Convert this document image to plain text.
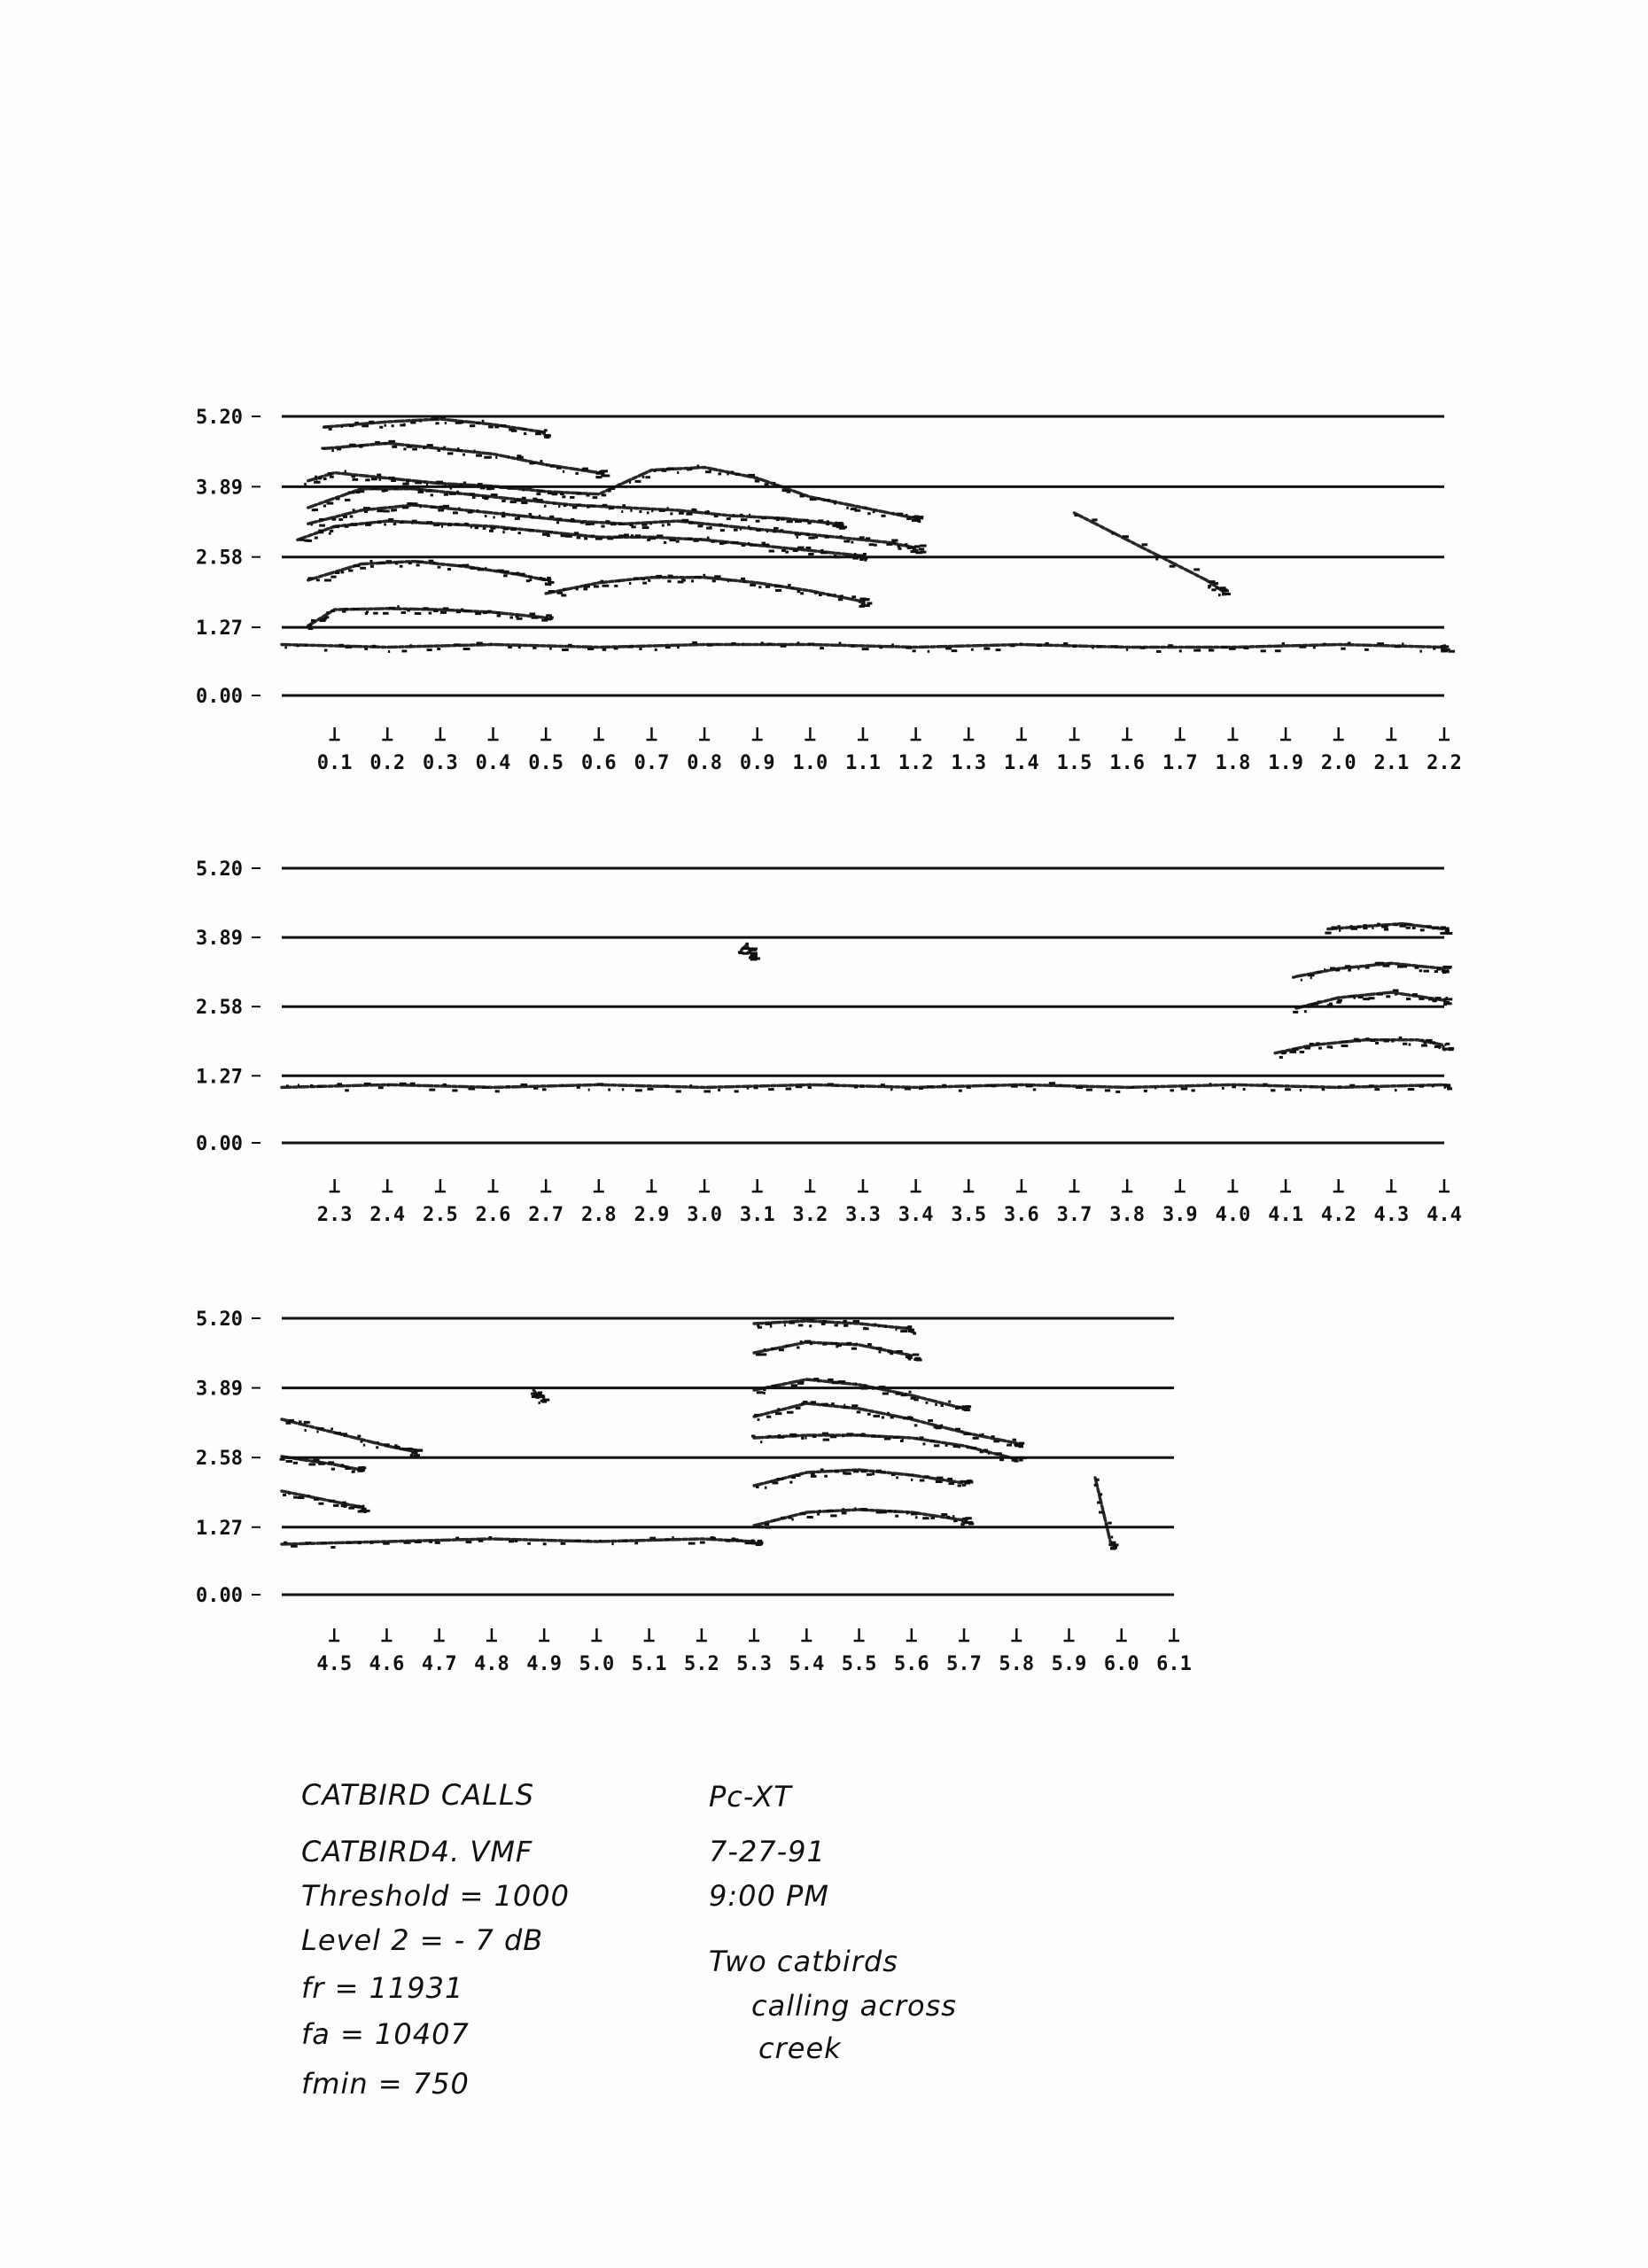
5.20
3.89
2.58
1.27
0.00
0.1 0.2 0.3 0.4 0.5 0.6 0.7 0.8 0.9 1.0 1.1 1.2 1.3 1.4 1.5 1.6 1.7 1.8 1.9 2.0 2.1 2.2
5.20
3.89
2.58
1.27
0.00
2.3 2.4 2.5 2.6 2.7 2.8 2.9 3.0 3.1 3.2 3.3 3.4 3.5 3.6 3.7 3.8 3.9 4.0 4.1 4.2 4.3 4.4
5.20
3.89
2.58
1.27
0.00
4.5 4.6 4.7 4.8 4.9 5.0 5.1 5.2 5.3 5.4 5.5 5.6 5.7 5.8 5.9 6.0 6.1
CATBIRD CALLS
CATBIRD4. VMF
Threshold = 1000
Level 2 = - 7 dB
fr = 11931
fa = 10407
fmin = 750
Pc-XT
7-27-91
9:00 PM
Two catbirds
calling across
creek
